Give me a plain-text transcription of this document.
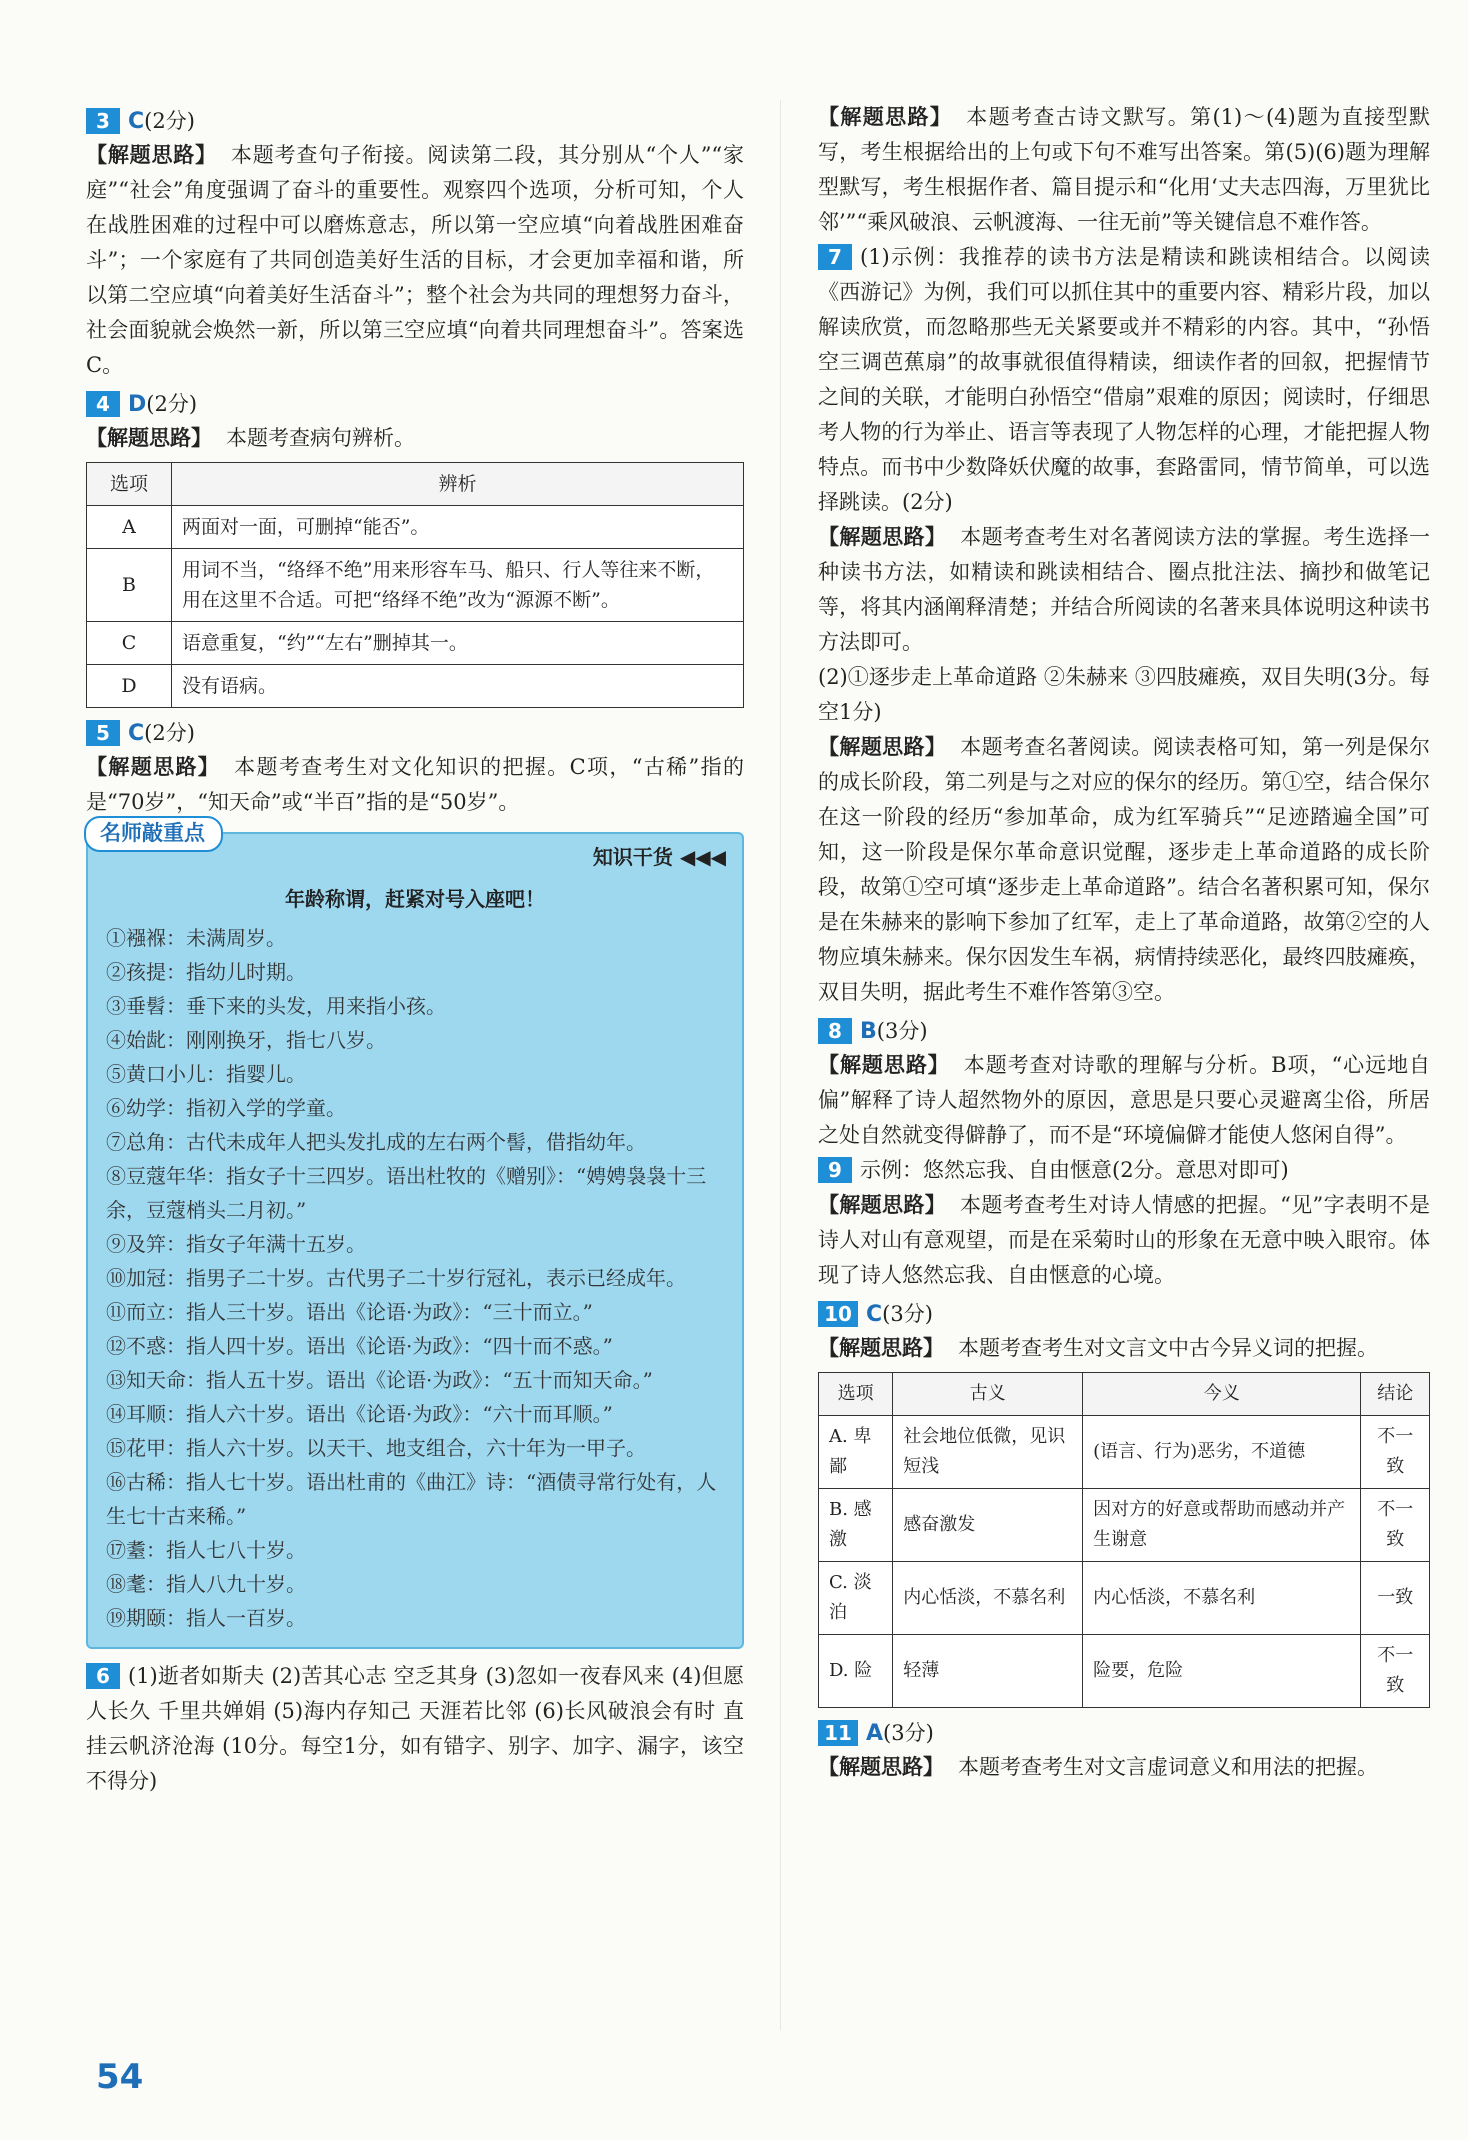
3 C(2分)
【解题思路】 本题考查句子衔接。阅读第二段，其分别从“个人”“家庭”“社会”角度强调了奋斗的重要性。观察四个选项，分析可知，个人在战胜困难的过程中可以磨炼意志，所以第一空应填“向着战胜困难奋斗”；一个家庭有了共同创造美好生活的目标，才会更加幸福和谐，所以第二空应填“向着美好生活奋斗”；整个社会为共同的理想努力奋斗，社会面貌就会焕然一新，所以第三空应填“向着共同理想奋斗”。答案选C。
4 D(2分)
【解题思路】 本题考查病句辨析。
选项	辨析
A	两面对一面，可删掉“能否”。
B	用词不当，“络绎不绝”用来形容车马、船只、行人等往来不断，用在这里不合适。可把“络绎不绝”改为“源源不断”。
C	语意重复，“约”“左右”删掉其一。
D	没有语病。
5 C(2分)
【解题思路】 本题考查考生对文化知识的把握。C项，“古稀”指的是“70岁”，“知天命”或“半百”指的是“50岁”。
名师敲重点
知识干货 ◀◀◀
年龄称谓，赶紧对号入座吧！
①襁褓：未满周岁。
②孩提：指幼儿时期。
③垂髫：垂下来的头发，用来指小孩。
④始龀：刚刚换牙，指七八岁。
⑤黄口小儿：指婴儿。
⑥幼学：指初入学的学童。
⑦总角：古代未成年人把头发扎成的左右两个髻，借指幼年。
⑧豆蔻年华：指女子十三四岁。语出杜牧的《赠别》：“娉娉袅袅十三余，豆蔻梢头二月初。”
⑨及笄：指女子年满十五岁。
⑩加冠：指男子二十岁。古代男子二十岁行冠礼，表示已经成年。
⑪而立：指人三十岁。语出《论语·为政》：“三十而立。”
⑫不惑：指人四十岁。语出《论语·为政》：“四十而不惑。”
⑬知天命：指人五十岁。语出《论语·为政》：“五十而知天命。”
⑭耳顺：指人六十岁。语出《论语·为政》：“六十而耳顺。”
⑮花甲：指人六十岁。以天干、地支组合，六十年为一甲子。
⑯古稀：指人七十岁。语出杜甫的《曲江》诗：“酒债寻常行处有，人生七十古来稀。”
⑰耋：指人七八十岁。
⑱耄：指人八九十岁。
⑲期颐：指人一百岁。
6 (1)逝者如斯夫 (2)苦其心志 空乏其身 (3)忽如一夜春风来 (4)但愿人长久 千里共婵娟 (5)海内存知己 天涯若比邻 (6)长风破浪会有时 直挂云帆济沧海 (10分。每空1分，如有错字、别字、加字、漏字，该空不得分)
【解题思路】 本题考查古诗文默写。第(1)～(4)题为直接型默写，考生根据给出的上句或下句不难写出答案。第(5)(6)题为理解型默写，考生根据作者、篇目提示和“化用‘丈夫志四海，万里犹比邻’”“乘风破浪、云帆渡海、一往无前”等关键信息不难作答。
7 (1)示例：我推荐的读书方法是精读和跳读相结合。以阅读《西游记》为例，我们可以抓住其中的重要内容、精彩片段，加以解读欣赏，而忽略那些无关紧要或并不精彩的内容。其中，“孙悟空三调芭蕉扇”的故事就很值得精读，细读作者的回叙，把握情节之间的关联，才能明白孙悟空“借扇”艰难的原因；阅读时，仔细思考人物的行为举止、语言等表现了人物怎样的心理，才能把握人物特点。而书中少数降妖伏魔的故事，套路雷同，情节简单，可以选择跳读。(2分)
【解题思路】 本题考查考生对名著阅读方法的掌握。考生选择一种读书方法，如精读和跳读相结合、圈点批注法、摘抄和做笔记等，将其内涵阐释清楚；并结合所阅读的名著来具体说明这种读书方法即可。
(2)①逐步走上革命道路 ②朱赫来 ③四肢瘫痪，双目失明(3分。每空1分)
【解题思路】 本题考查名著阅读。阅读表格可知，第一列是保尔的成长阶段，第二列是与之对应的保尔的经历。第①空，结合保尔在这一阶段的经历“参加革命，成为红军骑兵”“足迹踏遍全国”可知，这一阶段是保尔革命意识觉醒，逐步走上革命道路的成长阶段，故第①空可填“逐步走上革命道路”。结合名著积累可知，保尔是在朱赫来的影响下参加了红军，走上了革命道路，故第②空的人物应填朱赫来。保尔因发生车祸，病情持续恶化，最终四肢瘫痪，双目失明，据此考生不难作答第③空。
8 B(3分)
【解题思路】 本题考查对诗歌的理解与分析。B项，“心远地自偏”解释了诗人超然物外的原因，意思是只要心灵避离尘俗，所居之处自然就变得僻静了，而不是“环境偏僻才能使人悠闲自得”。
9 示例：悠然忘我、自由惬意(2分。意思对即可)
【解题思路】 本题考查考生对诗人情感的把握。“见”字表明不是诗人对山有意观望，而是在采菊时山的形象在无意中映入眼帘。体现了诗人悠然忘我、自由惬意的心境。
10 C(3分)
【解题思路】 本题考查考生对文言文中古今异义词的把握。
选项	古义	今义	结论
A. 卑鄙	社会地位低微，见识短浅	(语言、行为)恶劣，不道德	不一致
B. 感激	感奋激发	因对方的好意或帮助而感动并产生谢意	不一致
C. 淡泊	内心恬淡，不慕名利	内心恬淡，不慕名利	一致
D. 险	轻薄	险要，危险	不一致
11 A(3分)
【解题思路】 本题考查考生对文言虚词意义和用法的把握。
54
